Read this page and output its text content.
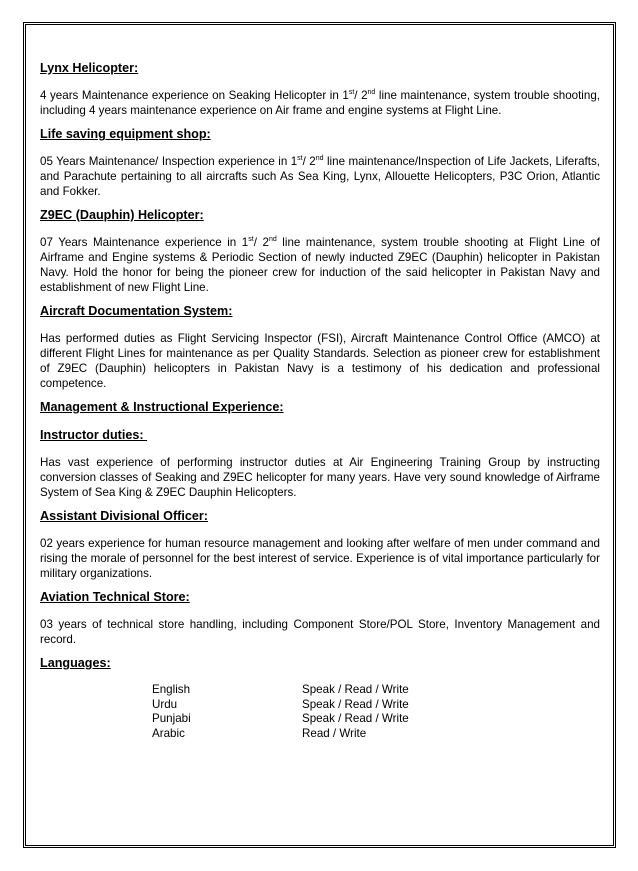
Lynx Helicopter:
4 years Maintenance experience on Seaking Helicopter in 1st/ 2nd line maintenance, system trouble shooting, including 4 years maintenance experience on Air frame and engine systems at Flight Line.
Life saving equipment shop:
05 Years Maintenance/ Inspection experience in 1st/ 2nd line maintenance/Inspection of Life Jackets, Liferafts, and Parachute pertaining to all aircrafts such As Sea King, Lynx, Allouette Helicopters, P3C Orion, Atlantic and Fokker.
Z9EC (Dauphin) Helicopter:
07 Years Maintenance experience in 1st/ 2nd line maintenance, system trouble shooting at Flight Line of Airframe and Engine systems & Periodic Section of newly inducted Z9EC (Dauphin) helicopter in Pakistan Navy. Hold the honor for being the pioneer crew for induction of the said helicopter in Pakistan Navy and establishment of new Flight Line.
Aircraft Documentation System:
Has performed duties as Flight Servicing Inspector (FSI), Aircraft Maintenance Control Office (AMCO) at different Flight Lines for maintenance as per Quality Standards. Selection as pioneer crew for establishment of Z9EC (Dauphin) helicopters in Pakistan Navy is a testimony of his dedication and professional competence.
Management & Instructional Experience:
Instructor duties:
Has vast experience of performing instructor duties at Air Engineering Training Group by instructing conversion classes of Seaking and Z9EC helicopter for many years. Have very sound knowledge of Airframe System of Sea King & Z9EC Dauphin Helicopters.
Assistant Divisional Officer:
02 years experience for human resource management and looking after welfare of men under command and rising the morale of personnel for the best interest of service. Experience is of vital importance particularly for military organizations.
Aviation Technical Store:
03 years of technical store handling, including Component Store/POL Store, Inventory Management and record.
Languages:
English	Speak / Read / Write
Urdu	Speak / Read / Write
Punjabi	Speak / Read / Write
Arabic	Read / Write
